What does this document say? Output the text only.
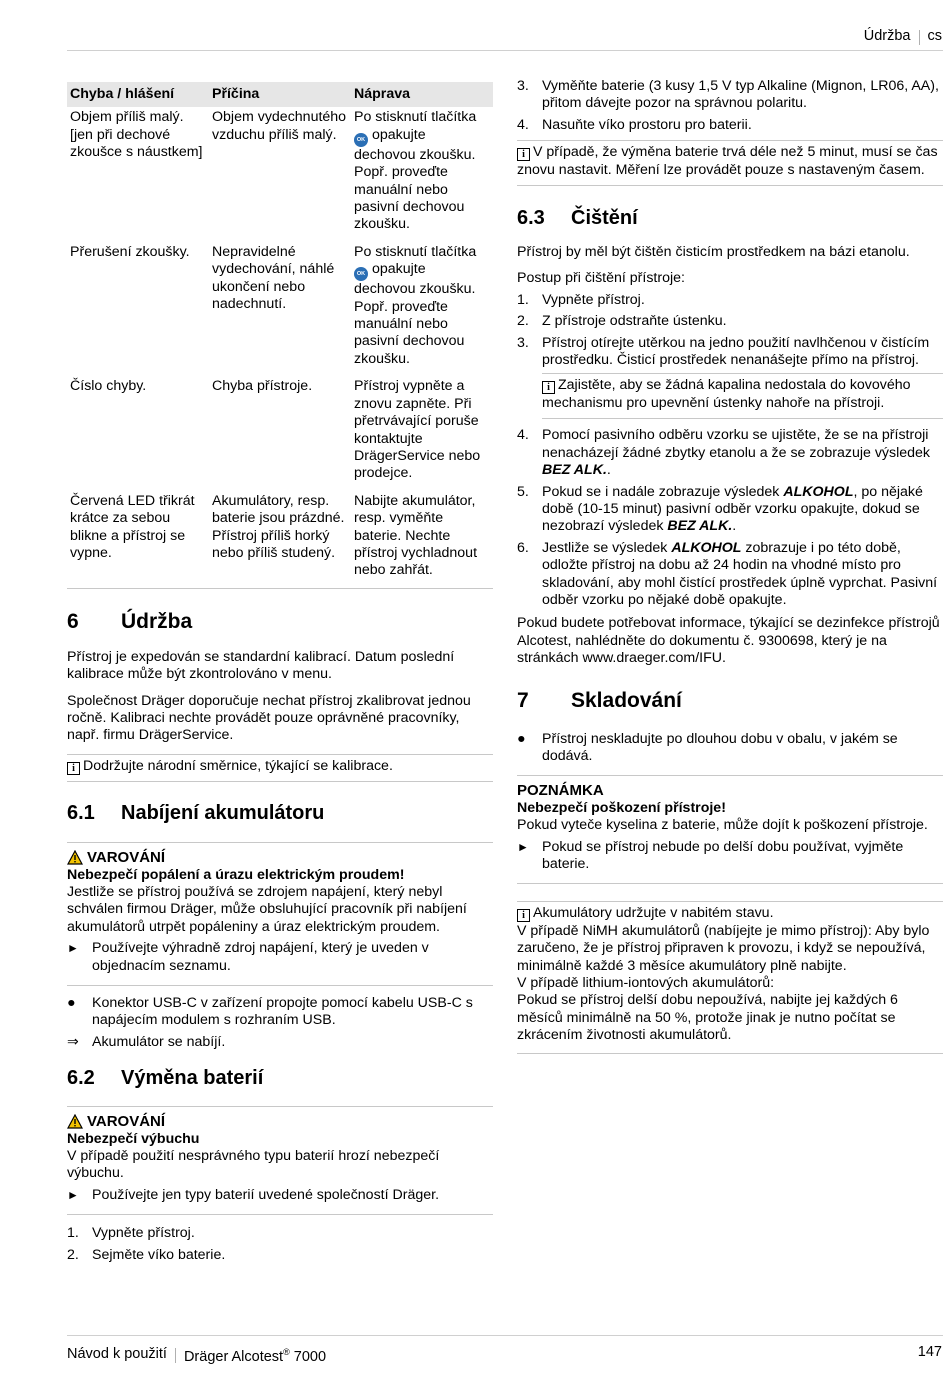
Údržba cs
Chyba / hlášení	Příčina	Náprava
Objem příliš malý. [jen při dechové zkoušce s náustkem]	Objem vydechnutého vzduchu příliš malý.	Po stisknutí tlačítka OK opakujte dechovou zkoušku. Popř. proveďte manuální nebo pasivní dechovou zkoušku.
Přerušení zkoušky.	Nepravidelné vydechování, náhlé ukončení nebo nadechnutí.	Po stisknutí tlačítka OK opakujte dechovou zkoušku. Popř. proveďte manuální nebo pasivní dechovou zkoušku.
Číslo chyby.	Chyba přístroje.	Přístroj vypněte a znovu zapněte. Při přetrvávající poruše kontaktujte DrägerService nebo prodejce.
Červená LED třikrát krátce za sebou blikne a přístroj se vypne.	Akumulátory, resp. baterie jsou prázdné. Přístroj příliš horký nebo příliš studený.	Nabijte akumulátor, resp. vyměňte baterie. Nechte přístroj vychladnout nebo zahřát.
6	Údržba

Přístroj je expedován se standardní kalibrací. Datum poslední kalibrace může být zkontrolováno v menu.

Společnost Dräger doporučuje nechat přístroj zkalibrovat jednou ročně. Kalibraci nechte provádět pouze oprávněné pracovníky, např. firmu DrägerService.

i Dodržujte národní směrnice, týkající se kalibrace.
6.1	Nabíjení akumulátoru
VAROVÁNÍ
Nebezpečí popálení a úrazu elektrickým proudem!
Jestliže se přístroj používá se zdrojem napájení, který nebyl schválen firmou Dräger, může obsluhující pracovník při nabíjení akumulátorů utrpět popáleniny a úraz elektrickým proudem.
► Používejte výhradně zdroj napájení, který je uveden v objednacím seznamu.
●	Konektor USB-C v zařízení propojte pomocí kabelu USB-C s napájecím modulem s rozhraním USB.
⇒ Akumulátor se nabíjí.
6.2	Výměna baterií
VAROVÁNÍ
Nebezpečí výbuchu
V případě použití nesprávného typu baterií hrozí nebezpečí výbuchu.
► Používejte jen typy baterií uvedené společností Dräger.
1. Vypněte přístroj.
2. Sejměte víko baterie.
3. Vyměňte baterie (3 kusy 1,5 V typ Alkaline (Mignon, LR06, AA), přitom dávejte pozor na správnou polaritu.
4. Nasuňte víko prostoru pro baterii.
i V případě, že výměna baterie trvá déle než 5 minut, musí se čas znovu nastavit. Měření lze provádět pouze s nastaveným časem.
6.3	Čištění

Přístroj by měl být čištěn čisticím prostředkem na bázi etanolu.

Postup při čištění přístroje:

1. Vypněte přístroj.
2. Z přístroje odstraňte ústenku.
3. Přístroj otírejte utěrkou na jedno použití navlhčenou v čistícím prostředku. Čisticí prostředek nenanášejte přímo na přístroj.
i Zajistěte, aby se žádná kapalina nedostala do kovového mechanismu pro upevnění ústenky nahoře na přístroji.
4. Pomocí pasivního odběru vzorku se ujistěte, že se na přístroji nenacházejí žádné zbytky etanolu a že se zobrazuje výsledek BEZ ALK..
5. Pokud se i nadále zobrazuje výsledek ALKOHOL, po nějaké době (10-15 minut) pasivní odběr vzorku opakujte, dokud se nezobrazí výsledek BEZ ALK..
6. Jestliže se výsledek ALKOHOL zobrazuje i po této době, odložte přístroj na dobu až 24 hodin na vhodné místo pro skladování, aby mohl čistící prostředek úplně vyprchat. Pasivní odběr vzorku po nějaké době opakujte.

Pokud budete potřebovat informace, týkající se dezinfekce přístrojů Alcotest, nahlédněte do dokumentu č. 9300698, který je na stránkách www.draeger.com/IFU.

7	Skladování
●	Přístroj neskladujte po dlouhou dobu v obalu, v jakém se dodává.
POZNÁMKA
Nebezpečí poškození přístroje!
Pokud vyteče kyselina z baterie, může dojít k poškození přístroje.
► Pokud se přístroj nebude po delší dobu používat, vyjměte baterie.
i Akumulátory udržujte v nabitém stavu.
V případě NiMH akumulátorů (nabíjejte je mimo přístroj): Aby bylo zaručeno, že je přístroj připraven k provozu, i když se nepoužívá, minimálně každé 3 měsíce akumulátory plně nabijte.
V případě lithium-iontových akumulátorů:
Pokud se přístroj delší dobu nepoužívá, nabijte jej každých 6 měsíců minimálně na 50 %, protože jinak je nutno počítat se zkrácením životnosti akumulátorů.
Návod k použití Dräger Alcotest® 7000	147
